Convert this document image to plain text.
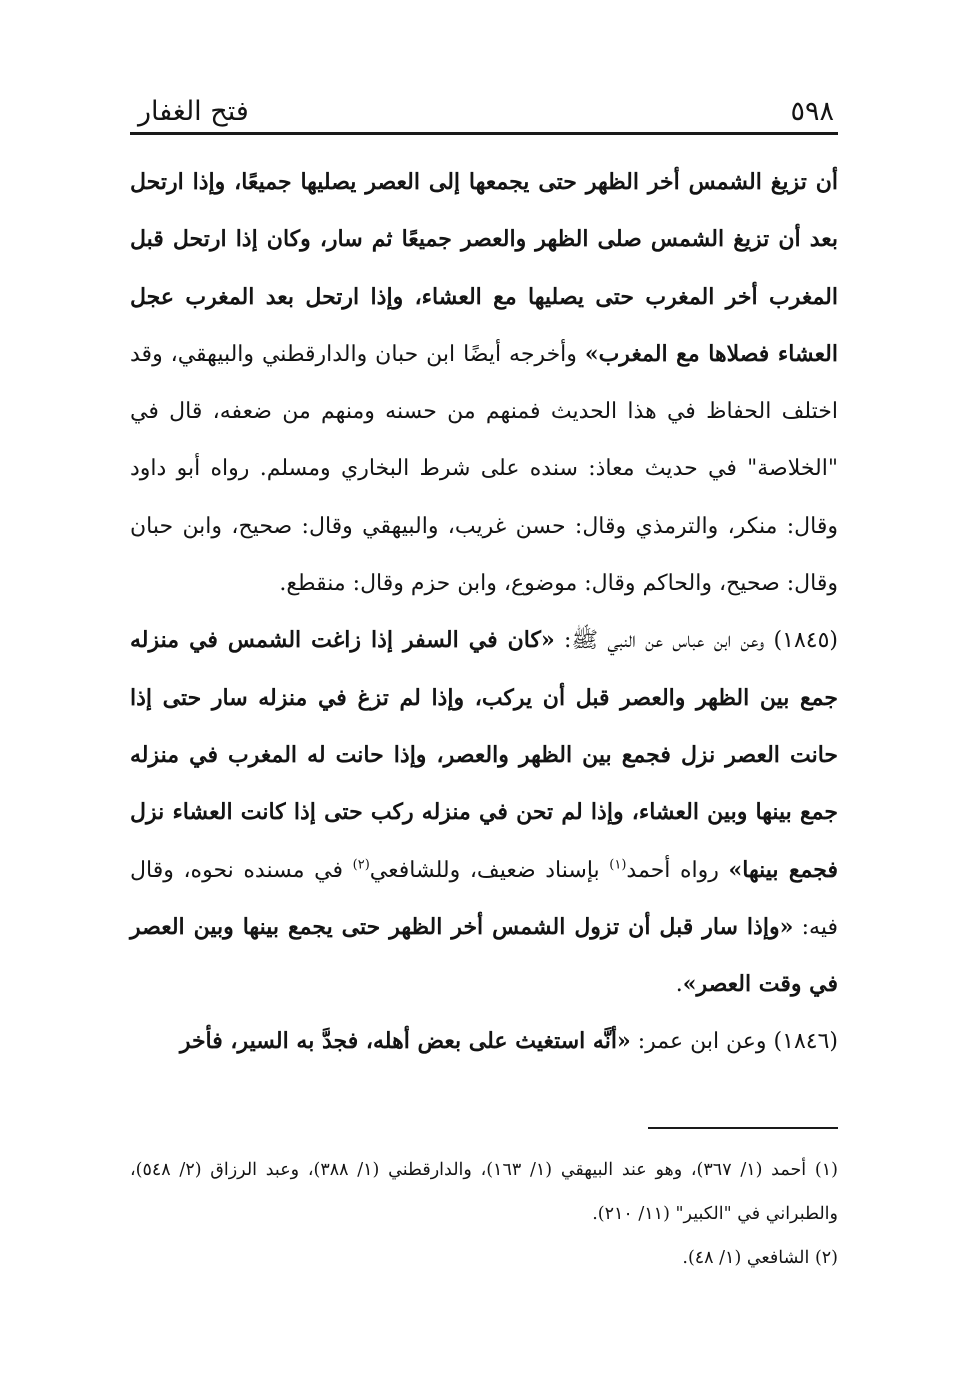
٥٩٨
فتح الغفار

أن تزيغ الشمس أخر الظهر حتى يجمعها إلى العصر يصليها جميعًا، وإذا ارتحل بعد أن تزيغ الشمس صلى الظهر والعصر جميعًا ثم سار، وكان إذا ارتحل قبل المغرب أخر المغرب حتى يصليها مع العشاء، وإذا ارتحل بعد المغرب عجل العشاء فصلاها مع المغرب» وأخرجه أيضًا ابن حبان والدارقطني والبيهقي، وقد اختلف الحفاظ في هذا الحديث فمنهم من حسنه ومنهم من ضعفه، قال في "الخلاصة" في حديث معاذ: سنده على شرط البخاري ومسلم. رواه أبو داود وقال: منكر، والترمذي وقال: حسن غريب، والبيهقي وقال: صحيح، وابن حبان وقال: صحيح، والحاكم وقال: موضوع، وابن حزم وقال: منقطع.

(١٨٤٥) وعن ابن عباس عن النبي ﷺ: «كان في السفر إذا زاغت الشمس في منزله جمع بين الظهر والعصر قبل أن يركب، وإذا لم تزغ في منزله سار حتى إذا حانت العصر نزل فجمع بين الظهر والعصر، وإذا حانت له المغرب في منزله جمع بينها وبين العشاء، وإذا لم تحن في منزله ركب حتى إذا كانت العشاء نزل فجمع بينها» رواه أحمد$^{(١)}$ بإسناد ضعيف، وللشافعي$^{(٢)}$ في مسنده نحوه، وقال فيه: «وإذا سار قبل أن تزول الشمس أخر الظهر حتى يجمع بينها وبين العصر في وقت العصر».

(١٨٤٦) وعن ابن عمر: «أنَّه استغيث على بعض أهله، فجدَّ به السير، فأخر

(١) أحمد (١/ ٣٦٧)، وهو عند البيهقي (١/ ١٦٣)، والدارقطني (١/ ٣٨٨)، وعبد الرزاق (٢/ ٥٤٨)، والطبراني في "الكبير" (١١/ ٢١٠).

(٢) الشافعي (١/ ٤٨).
